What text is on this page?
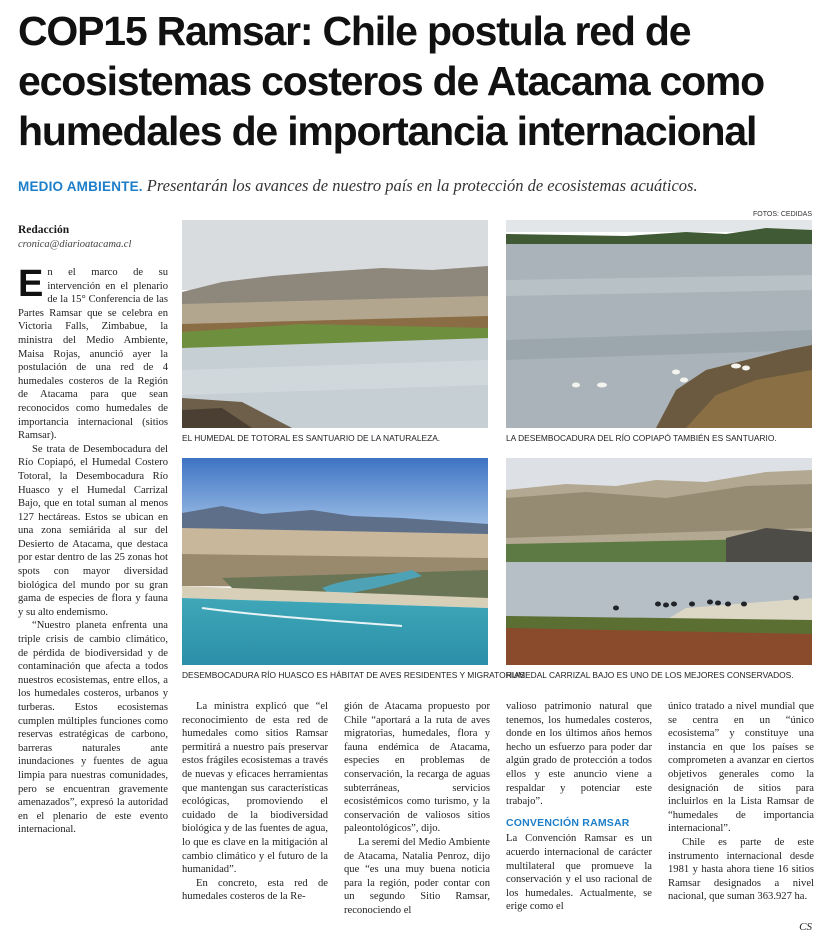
COP15 Ramsar: Chile postula red de ecosistemas costeros de Atacama como humedales de importancia internacional
MEDIO AMBIENTE. Presentarán los avances de nuestro país en la protección de ecosistemas acuáticos.
Redacción
cronica@diarioatacama.cl
FOTOS: CEDIDAS

En el marco de su intervención en el plenario de la 15° Conferencia de las Partes Ramsar que se celebra en Victoria Falls, Zimbabue, la ministra del Medio Ambiente, Maisa Rojas, anunció ayer la postulación de una red de 4 humedales costeros de la Región de Atacama para que sean reconocidos como humedales de importancia internacional (sitios Ramsar).

Se trata de Desembocadura del Río Copiapó, el Humedal Costero Totoral, la Desembocadura Río Huasco y el Humedal Carrizal Bajo, que en total suman al menos 127 hectáreas. Estos se ubican en una zona semiárida al sur del Desierto de Atacama, que destaca por estar dentro de las 25 zonas hot spots con mayor diversidad biológica del mundo por su gran gama de especies de flora y fauna y su alto endemismo.

“Nuestro planeta enfrenta una triple crisis de cambio climático, de pérdida de biodiversidad y de contaminación que afecta a todos nuestros ecosistemas, entre ellos, a los humedales costeros, urbanos y turberas. Estos ecosistemas cumplen múltiples funciones como reservas estratégicas de carbono, barreras naturales ante inundaciones y fuentes de agua limpia para nuestras comunidades, pero se encuentran gravemente amenazados”, expresó la autoridad en el plenario de este evento internacional.

EL HUMEDAL DE TOTORAL ES SANTUARIO DE LA NATURALEZA.	LA DESEMBOCADURA DEL RÍO COPIAPÓ TAMBIÉN ES SANTUARIO.
DESEMBOCADURA RÍO HUASCO ES HÁBITAT DE AVES RESIDENTES Y MIGRATORIAS.
HUMEDAL CARRIZAL BAJO ES UNO DE LOS MEJORES CONSERVADOS.

La ministra explicó que “el reconocimiento de esta red de humedales como sitios Ramsar permitirá a nuestro país preservar estos frágiles ecosistemas a través de nuevas y eficaces herramientas que mantengan sus características ecológicas, promoviendo el cuidado de la biodiversidad biológica y de las fuentes de agua, lo que es clave en la mitigación al cambio climático y el futuro de la humanidad”.

En concreto, esta red de humedales costeros de la Re-

gión de Atacama propuesto por Chile “aportará a la ruta de aves migratorias, humedales, flora y fauna endémica de Atacama, especies en problemas de conservación, la recarga de aguas subterráneas, servicios ecosistémicos como turismo, y la conservación de valiosos sitios paleontológicos”, dijo.

La seremi del Medio Ambiente de Atacama, Natalia Penroz, dijo que “es una muy buena noticia para la región, poder contar con un segundo Sitio Ramsar, reconociendo el

valioso patrimonio natural que tenemos, los humedales costeros, donde en los últimos años hemos hecho un esfuerzo para poder dar algún grado de protección a todos ellos y este anuncio viene a respaldar y potenciar este trabajo”.

CONVENCIÓN RAMSAR

La Convención Ramsar es un acuerdo internacional de carácter multilateral que promueve la conservación y el uso racional de los humedales. Actualmente, se erige como el

único tratado a nivel mundial que se centra en un “único ecosistema” y constituye una instancia en que los países se comprometen a avanzar en ciertos objetivos generales como la designación de sitios para incluirlos en la Lista Ramsar de “humedales de importancia internacional”.

Chile es parte de este instrumento internacional desde 1981 y hasta ahora tiene 16 sitios Ramsar designados a nivel nacional, que suman 363.927 ha.

CS
